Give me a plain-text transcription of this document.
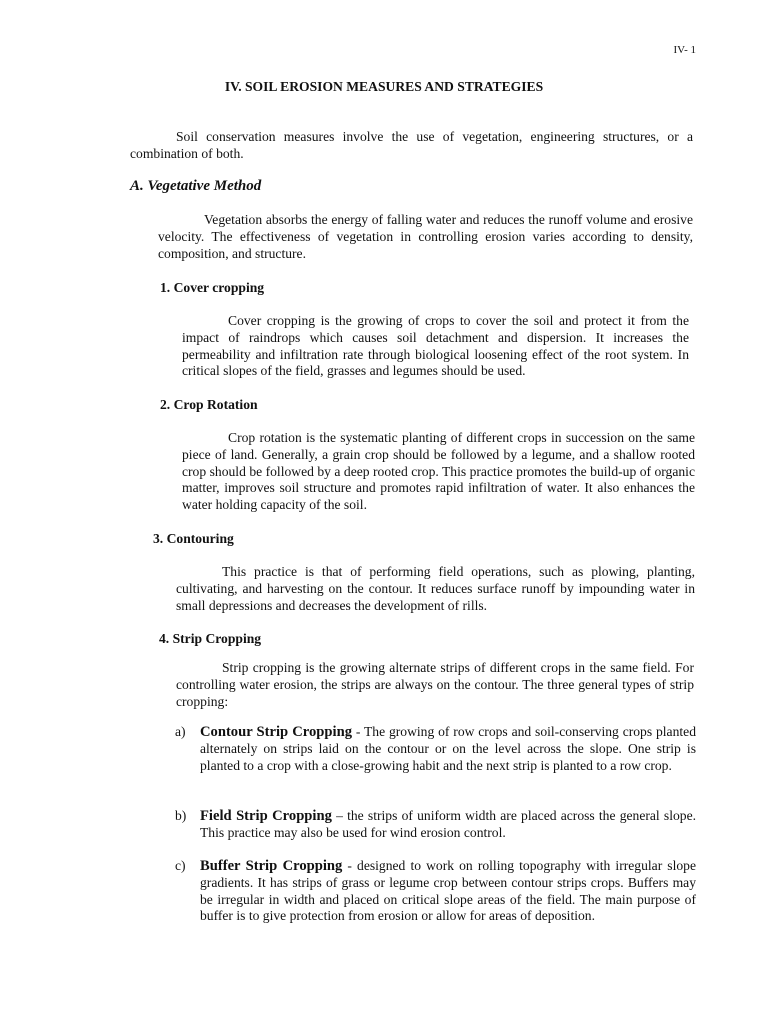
IV- 1
IV. SOIL EROSION MEASURES AND STRATEGIES

Soil conservation measures involve the use of vegetation, engineering structures, or a combination of both.

A. Vegetative Method

Vegetation absorbs the energy of falling water and reduces the runoff volume and erosive velocity. The effectiveness of vegetation in controlling erosion varies according to density, composition, and structure.

1. Cover cropping

Cover cropping is the growing of crops to cover the soil and protect it from the impact of raindrops which causes soil detachment and dispersion. It increases the permeability and infiltration rate through biological loosening effect of the root system. In critical slopes of the field, grasses and legumes should be used.

2. Crop Rotation

Crop rotation is the systematic planting of different crops in succession on the same piece of land. Generally, a grain crop should be followed by a legume, and a shallow rooted crop should be followed by a deep rooted crop. This practice promotes the build-up of organic matter, improves soil structure and promotes rapid infiltration of water. It also enhances the water holding capacity of the soil.

3. Contouring

This practice is that of performing field operations, such as plowing, planting, cultivating, and harvesting on the contour. It reduces surface runoff by impounding water in small depressions and decreases the development of rills.

4. Strip Cropping

Strip cropping is the growing alternate strips of different crops in the same field. For controlling water erosion, the strips are always on the contour. The three general types of strip cropping:

a) Contour Strip Cropping - The growing of row crops and soil-conserving crops planted alternately on strips laid on the contour or on the level across the slope. One strip is planted to a crop with a close-growing habit and the next strip is planted to a row crop.

b) Field Strip Cropping – the strips of uniform width are placed across the general slope. This practice may also be used for wind erosion control.

c) Buffer Strip Cropping - designed to work on rolling topography with irregular slope gradients. It has strips of grass or legume crop between contour strips crops. Buffers may be irregular in width and placed on critical slope areas of the field. The main purpose of buffer is to give protection from erosion or allow for areas of deposition.
